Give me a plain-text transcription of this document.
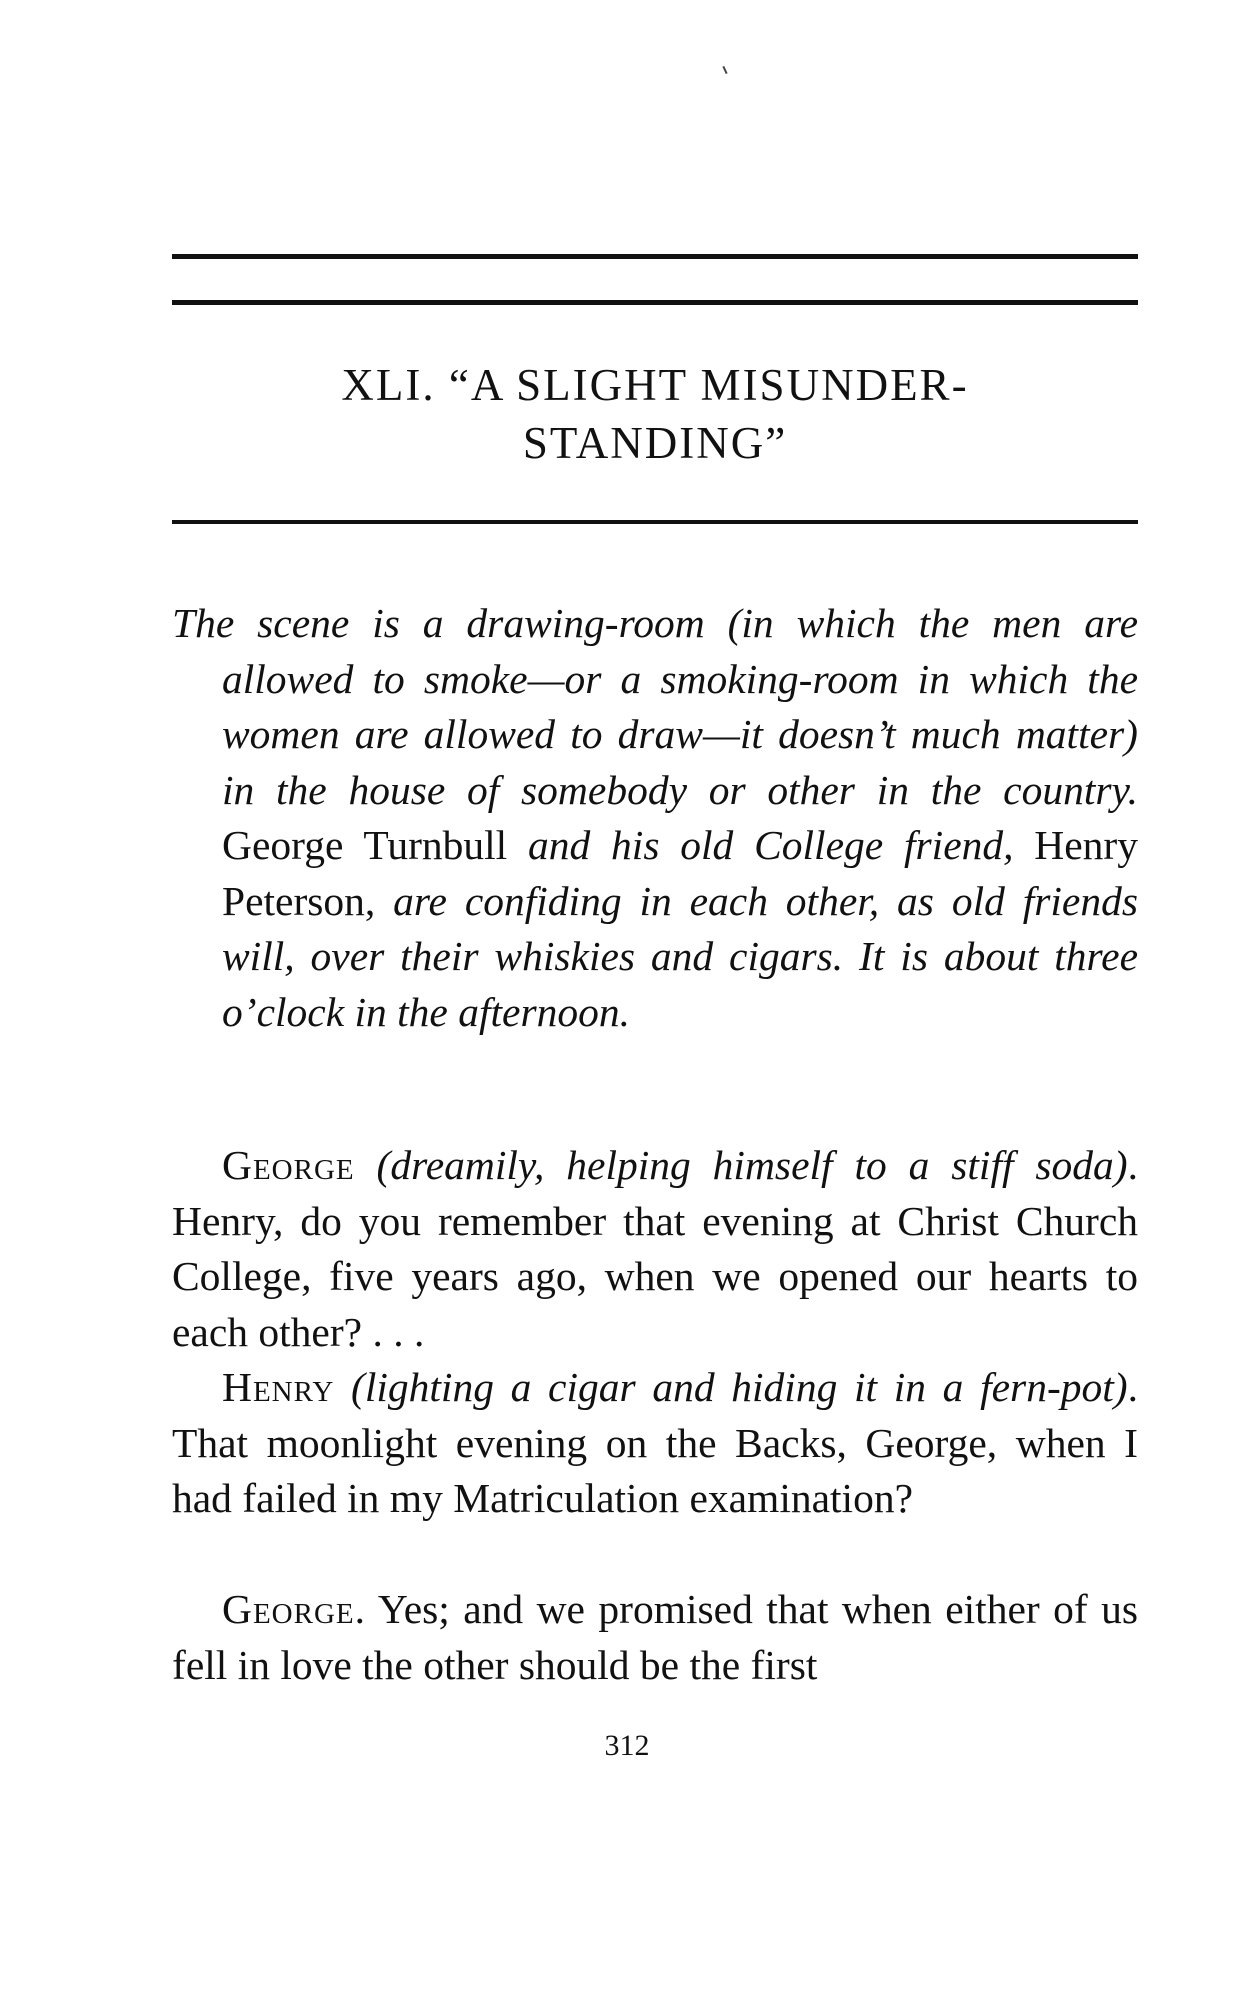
XLI. “A SLIGHT MISUNDER-
STANDING”
The scene is a drawing-room (in which the men are allowed to smoke—or a smoking-room in which the women are allowed to draw—it doesn’t much matter) in the house of somebody or other in the country. George Turnbull and his old College friend, Henry Peterson, are confiding in each other, as old friends will, over their whiskies and cigars. It is about three o’clock in the afternoon.
George (dreamily, helping himself to a stiff soda). Henry, do you remember that evening at Christ Church College, five years ago, when we opened our hearts to each other? . . .
Henry (lighting a cigar and hiding it in a fern-pot). That moonlight evening on the Backs, George, when I had failed in my Matriculation examination?
George. Yes; and we promised that when either of us fell in love the other should be the first
312
